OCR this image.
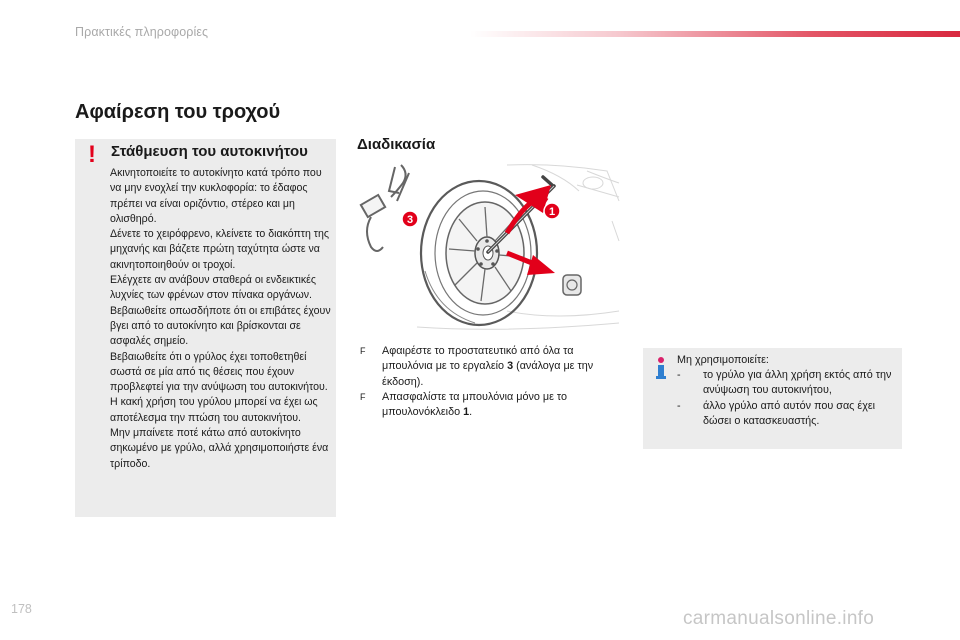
Πρακτικές πληροφορίες
Αφαίρεση του τροχού
! Στάθμευση του αυτοκινήτου

Ακινητοποιείτε το αυτοκίνητο κατά τρόπο που να μην ενοχλεί την κυκλοφορία: το έδαφος πρέπει να είναι οριζόντιο, στέρεο και μη ολισθηρό.

Δένετε το χειρόφρενο, κλείνετε το διακόπτη της μηχανής και βάζετε πρώτη ταχύτητα ώστε να ακινητοποιηθούν οι τροχοί.

Ελέγχετε αν ανάβουν σταθερά οι ενδεικτικές λυχνίες των φρένων στον πίνακα οργάνων.

Βεβαιωθείτε οπωσδήποτε ότι οι επιβάτες έχουν βγει από το αυτοκίνητο και βρίσκονται σε ασφαλές σημείο.

Βεβαιωθείτε ότι ο γρύλος έχει τοποθετηθεί σωστά σε μία από τις θέσεις που έχουν προβλεφτεί για την ανύψωση του αυτοκινήτου.

Η κακή χρήση του γρύλου μπορεί να έχει ως αποτέλεσμα την πτώση του αυτοκινήτου.

Μην μπαίνετε ποτέ κάτω από αυτοκίνητο σηκωμένο με γρύλο, αλλά χρησιμοποιήστε ένα τρίποδο.

Διαδικασία
1
3
F Αφαιρέστε το προστατευτικό από όλα τα μπουλόνια με το εργαλείο 3 (ανάλογα με την έκδοση).
F Απασφαλίστε τα μπουλόνια μόνο με το μπουλονόκλειδο 1.

Μη χρησιμοποιείτε:

- το γρύλο για άλλη χρήση εκτός από την ανύψωση του αυτοκινήτου,
- άλλο γρύλο από αυτόν που σας έχει δώσει ο κατασκευαστής.
178	carmanualsonline.info
